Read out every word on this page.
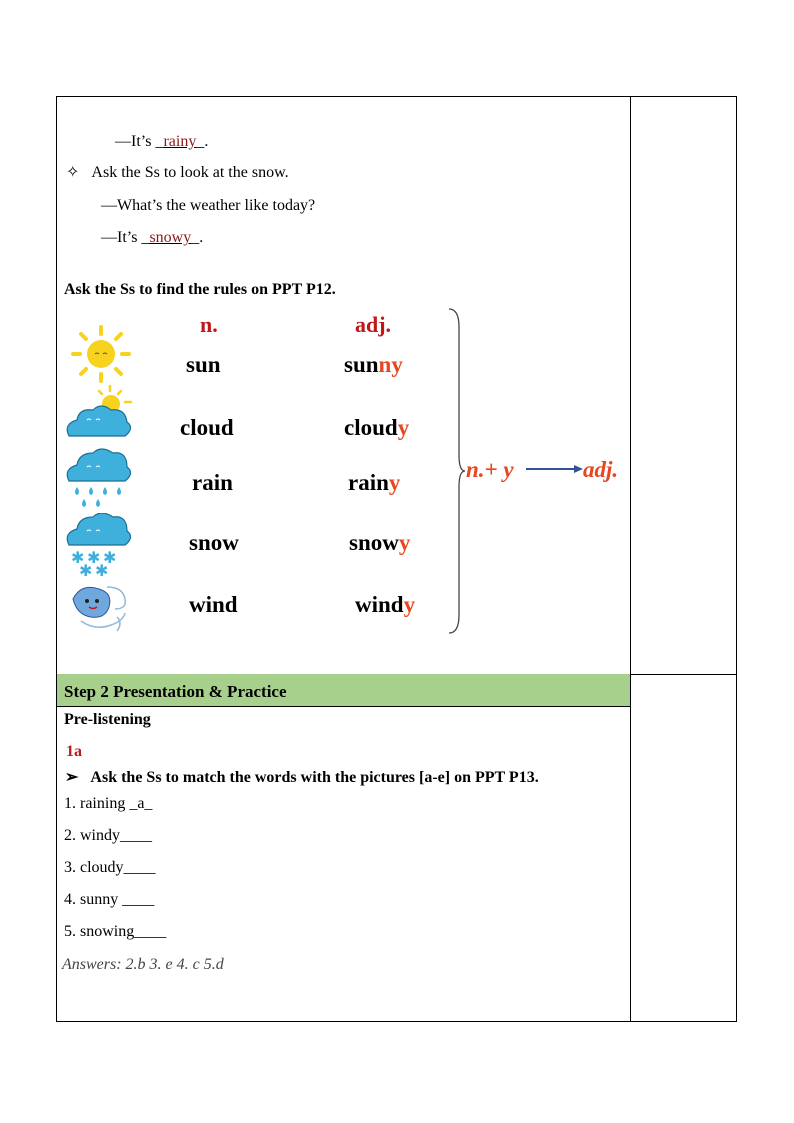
—It’s _rainy_.
✧ Ask the Ss to look at the snow.
—What’s the weather like today?
—It’s _snowy_.
Ask the Ss to find the rules on PPT P12.
n.	adj.
✱ ✱ ✱
✱ ✱
sun	sunny
cloud	cloudy
rain	rainy
snow	snowy
wind	windy
n.+ y	adj.
Step 2 Presentation & Practice
Pre-listening
1a
➢ Ask the Ss to match the words with the pictures [a-e] on PPT P13.
1. raining _a_
2. windy____
3. cloudy____
4. sunny ____
5. snowing____
Answers: 2.b 3. e 4. c 5.d
